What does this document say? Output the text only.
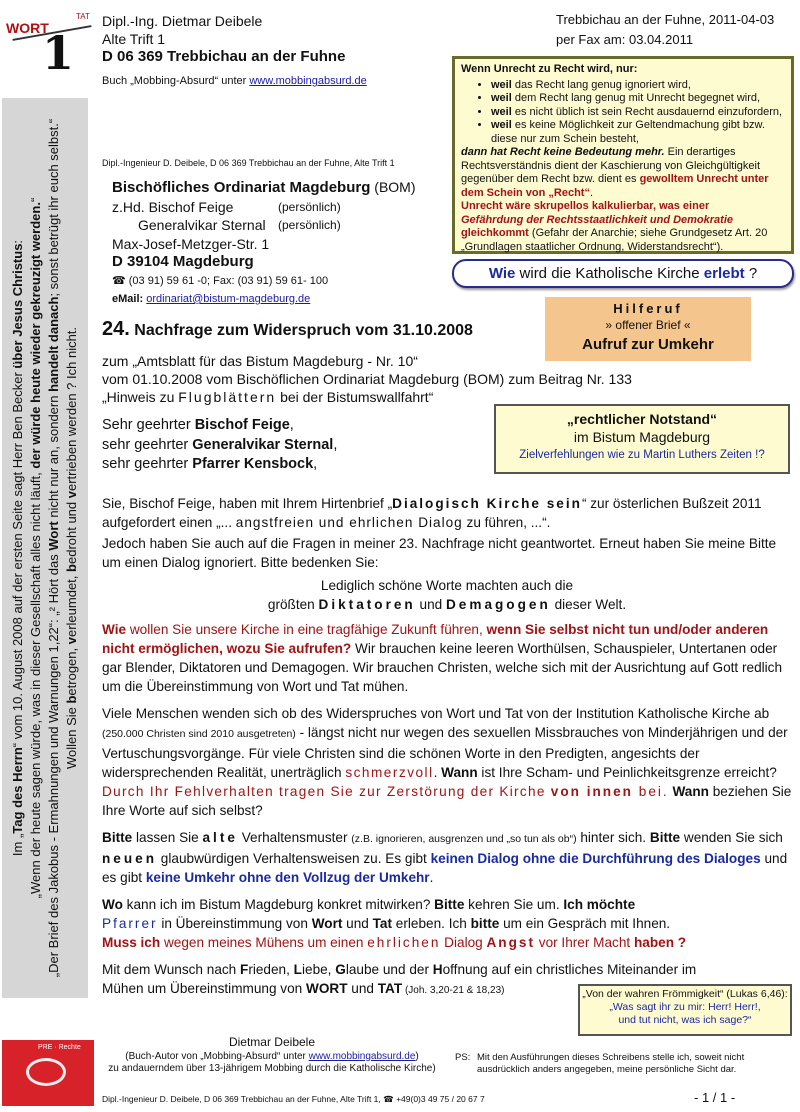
WORT
TAT
1
Dipl.-Ing. Dietmar Deibele
Alte Trift 1
D 06 369 Trebbichau an der Fuhne
Buch „Mobbing-Absurd“ unter www.mobbingabsurd.de
Trebbichau an der Fuhne, 2011-04-03
per Fax am: 03.04.2011
Wenn Unrecht zu Recht wird, nur:
• weil das Recht lang genug ignoriert wird,
• weil dem Recht lang genug mit Unrecht begegnet wird,
• weil es nicht üblich ist sein Recht ausdauernd einzufordern,
• weil es keine Möglichkeit zur Geltendmachung gibt bzw.
diese nur zum Schein besteht,
dann hat Recht keine Bedeutung mehr. Ein derartiges Rechtsverständnis dient der Kaschierung von Gleichgültigkeit gegenüber dem Recht bzw. dient es gewolltem Unrecht unter dem Schein von „Recht“.
Unrecht wäre skrupellos kalkulierbar, was einer
Gefährdung der Rechtsstaatlichkeit und Demokratie
gleichkommt (Gefahr der Anarchie; siehe Grundgesetz Art. 20 „Grundlagen staatlicher Ordnung, Widerstandsrecht“).
Wie wird die Katholische Kirche erlebt ?
Dipl.-Ingenieur D. Deibele, D 06 369 Trebbichau an der Fuhne, Alte Trift 1
Bischöfliches Ordinariat Magdeburg (BOM)
z.Hd. Bischof Feige	(persönlich)
Generalvikar Sternal (persönlich)
Max-Josef-Metzger-Str. 1
D 39104 Magdeburg
☎ (03 91) 59 61 -0; Fax: (03 91) 59 61- 100
eMail: ordinariat@bistum-magdeburg.de
Hilferuf
» offener Brief «
Aufruf zur Umkehr
24. Nachfrage zum Widerspruch vom 31.10.2008
zum „Amtsblatt für das Bistum Magdeburg - Nr. 10“
vom 01.10.2008 vom Bischöflichen Ordinariat Magdeburg (BOM) zum Beitrag Nr. 133
„Hinweis zu Flugblättern bei der Bistumswallfahrt“
Sehr geehrter Bischof Feige,
sehr geehrter Generalvikar Sternal,
sehr geehrter Pfarrer Kensbock,
„rechtlicher Notstand“
im Bistum Magdeburg
Zielverfehlungen wie zu Martin Luthers Zeiten !?

Sie, Bischof Feige, haben mit Ihrem Hirtenbrief „Dialogisch Kirche sein“ zur österlichen Bußzeit 2011 aufgefordert einen „... angstfreien und ehrlichen Dialog zu führen, ...“.

Jedoch haben Sie auch auf die Fragen in meiner 23. Nachfrage nicht geantwortet. Erneut haben Sie meine Bitte um einen Dialog ignoriert. Bitte bedenken Sie:

Lediglich schöne Worte machten auch die
größten Diktatoren und Demagogen dieser Welt.

Wie wollen Sie unsere Kirche in eine tragfähige Zukunft führen, wenn Sie selbst nicht tun und/oder anderen nicht ermöglichen, wozu Sie aufrufen? Wir brauchen keine leeren Worthülsen, Schauspieler, Untertanen oder gar Blender, Diktatoren und Demagogen. Wir brauchen Christen, welche sich mit der Ausrichtung auf Gott redlich um die Übereinstimmung von Wort und Tat mühen.

Viele Menschen wenden sich ob des Widerspruches von Wort und Tat von der Institution Katholische Kirche ab (250.000 Christen sind 2010 ausgetreten) - längst nicht nur wegen des sexuellen Missbrauches von Minderjährigen und der Vertuschungsvorgänge. Für viele Christen sind die schönen Worte in den Predigten, angesichts der widersprechenden Realität, unerträglich schmerzvoll. Wann ist Ihre Scham- und Peinlichkeitsgrenze erreicht? Durch Ihr Fehlverhalten tragen Sie zur Zerstörung der Kirche von innen bei. Wann beziehen Sie Ihre Worte auf sich selbst?

Bitte lassen Sie alte Verhaltensmuster (z.B. ignorieren, ausgrenzen und „so tun als ob“) hinter sich. Bitte wenden Sie sich neuen glaubwürdigen Verhaltensweisen zu. Es gibt keinen Dialog ohne die Durchführung des Dialoges und es gibt keine Umkehr ohne den Vollzug der Umkehr.

Wo kann ich im Bistum Magdeburg konkret mitwirken? Bitte kehren Sie um. Ich möchte
Pfarrer in Übereinstimmung von Wort und Tat erleben. Ich bitte um ein Gespräch mit Ihnen.
Muss ich wegen meines Mühens um einen ehrlichen Dialog Angst vor Ihrer Macht haben ?

Mit dem Wunsch nach Frieden, Liebe, Glaube und der Hoffnung auf ein christliches Miteinander im
Mühen um Übereinstimmung von WORT und TAT (Joh. 3,20-21 & 18,23)	„Von der wahren Frömmigkeit“ (Lukas 6,46):
„Was sagt ihr zu mir: Herr! Herr!,
und tut nicht, was ich sage?“
Dietmar Deibele
(Buch-Autor von „Mobbing-Absurd“ unter www.mobbingabsurd.de)
zu andauerndem über 13-jährigem Mobbing durch die Katholische Kirche)
PS: Mit den Ausführungen dieses Schreibens stelle ich, soweit nicht
ausdrücklich anders angegeben, meine persönliche Sicht dar.
Dipl.-Ingenieur D. Deibele, D 06 369 Trebbichau an der Fuhne, Alte Trift 1, ☎ +49(0)3 49 75 / 20 67 7	- 1 / 1 -
PRE · Rechte
Im „Tag des Herrn“ vom 10. August 2008 auf der ersten Seite sagt Herr Ben Becker über Jesus Christus:
„Wenn der heute sagen würde, was in dieser Gesellschaft alles nicht läuft, der würde heute wieder gekreuzigt werden.“
„Der Brief des Jakobus - Ermahnungen und Warnungen 1,22“: „² Hört das Wort nicht nur an, sondern handelt danach; sonst betrügt ihr euch selbst.“
Wollen Sie betrogen, verleumdet, bedroht und vertrieben werden ? Ich nicht.
